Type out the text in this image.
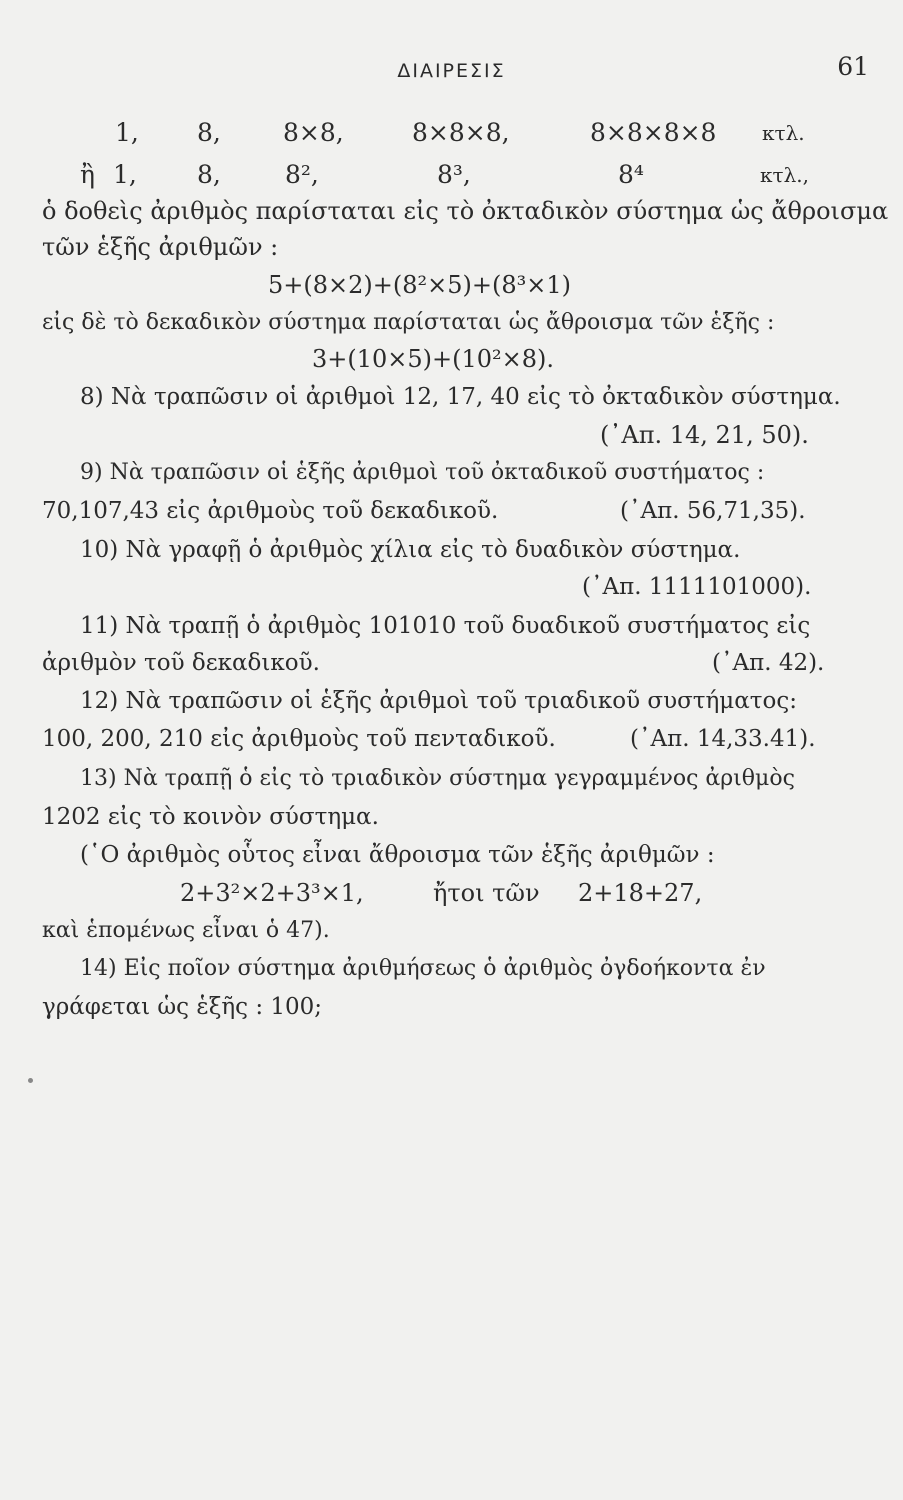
ΔΙΑΙΡΕΣΙΣ	61
1, 8, 8×8,	8×8×8,	8×8×8×8 κτλ.
ἢ 1, 8,	8²,	8³,	8⁴	κτλ.,
ὁ δοθεὶς ἀριθμὸς παρίσταται εἰς τὸ ὀκταδικὸν σύστημα ὡς ἄθροισμα
τῶν ἑξῆς ἀριθμῶν :
5+(8×2)+(8²×5)+(8³×1)
εἰς δὲ τὸ δεκαδικὸν σύστημα παρίσταται ὡς ἄθροισμα τῶν ἑξῆς :
3+(10×5)+(10²×8).
8) Νὰ τραπῶσιν οἱ ἀριθμοὶ 12, 17, 40 εἰς τὸ ὀκταδικὸν σύστημα.
(᾿Απ. 14, 21, 50).
9) Νὰ τραπῶσιν οἱ ἑξῆς ἀριθμοὶ τοῦ ὀκταδικοῦ συστήματος :
70,107,43 εἰς ἀριθμοὺς τοῦ δεκαδικοῦ.	(᾿Απ. 56,71,35).
10) Νὰ γραφῇ ὁ ἀριθμὸς χίλια εἰς τὸ δυαδικὸν σύστημα.
(᾿Απ. 1111101000).
11) Νὰ τραπῇ ὁ ἀριθμὸς 101010 τοῦ δυαδικοῦ συστήματος εἰς
ἀριθμὸν τοῦ δεκαδικοῦ.	(᾿Απ. 42).
12) Νὰ τραπῶσιν οἱ ἑξῆς ἀριθμοὶ τοῦ τριαδικοῦ συστήματος:
100, 200, 210 εἰς ἀριθμοὺς τοῦ πενταδικοῦ.	(᾿Απ. 14,33.41).
13) Νὰ τραπῇ ὁ εἰς τὸ τριαδικὸν σύστημα γεγραμμένος ἀριθμὸς
1202 εἰς τὸ κοινὸν σύστημα.
(῾Ο ἀριθμὸς οὗτος εἶναι ἄθροισμα τῶν ἑξῆς ἀριθμῶν :
2+3²×2+3³×1,	ἤτοι τῶν 2+18+27,
καὶ ἑπομένως εἶναι ὁ 47).
14) Εἰς ποῖον σύστημα ἀριθμήσεως ὁ ἀριθμὸς ὀγδοήκοντα ἐν
γράφεται ὡς ἑξῆς : 100;
